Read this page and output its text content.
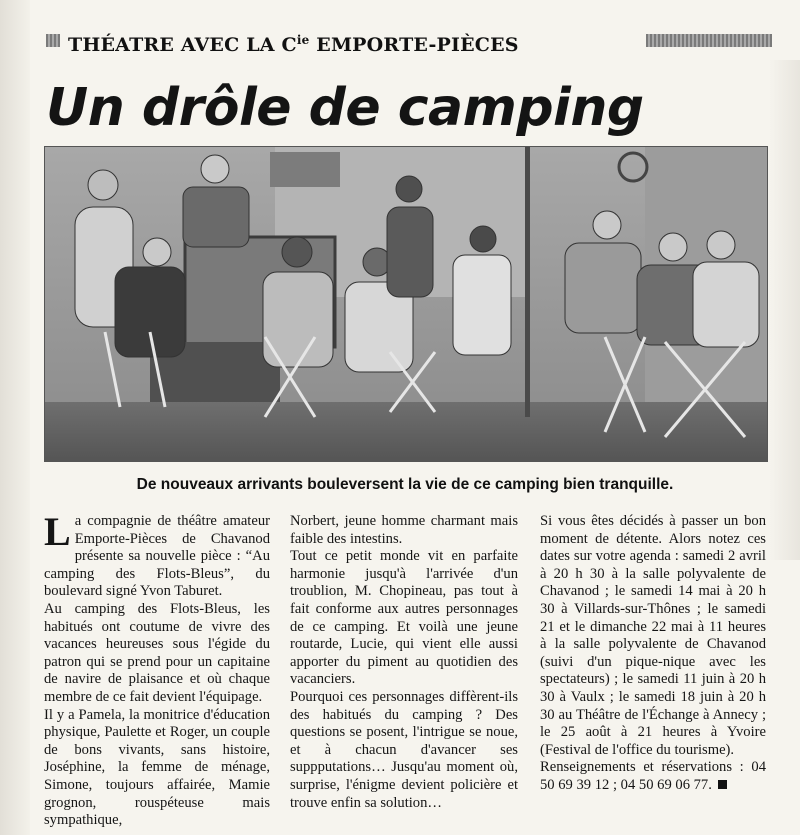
THÉATRE AVEC LA $C^{ie}$ EMPORTE-PIÈCES
Un drôle de camping
De nouveaux arrivants bouleversent la vie de ce camping bien tranquille.

La compagnie de théâtre amateur Emporte-Pièces de Chavanod présente sa nouvelle pièce : “Au camping des Flots-Bleus”, du boulevard signé Yvon Taburet.

Au camping des Flots-Bleus, les habitués ont coutume de vivre des vacances heureuses sous l'égide du patron qui se prend pour un capitaine de navire de plaisance et où chaque membre de ce fait devient l'équipage.

Il y a Pamela, la monitrice d'éducation physique, Paulette et Roger, un couple de bons vivants, sans histoire, Joséphine, la femme de ménage, Simone, toujours affairée, Mamie grognon, rouspéteuse mais sympathique,

Norbert, jeune homme charmant mais faible des intestins.

Tout ce petit monde vit en parfaite harmonie jusqu'à l'arrivée d'un troublion, M. Chopineau, pas tout à fait conforme aux autres personnages de ce camping. Et voilà une jeune routarde, Lucie, qui vient elle aussi apporter du piment au quotidien des vacanciers.

Pourquoi ces personnages diffèrent-ils des habitués du camping ? Des questions se posent, l'intrigue se noue, et à chacun d'avancer ses suppputations… Jusqu'au moment où, surprise, l'énigme devient policière et trouve enfin sa solution…

Si vous êtes décidés à passer un bon moment de détente. Alors notez ces dates sur votre agenda : samedi 2 avril à 20 h 30 à la salle polyvalente de Chavanod ; le samedi 14 mai à 20 h 30 à Villards-sur-Thônes ; le samedi 21 et le dimanche 22 mai à 11 heures à la salle polyvalente de Chavanod (suivi d'un pique-nique avec les spectateurs) ; le samedi 11 juin à 20 h 30 à Vaulx ; le samedi 18 juin à 20 h 30 au Théâtre de l'Échange à Annecy ; le 25 août à 21 heures à Yvoire (Festival de l'office du tourisme).

Renseignements et réservations : 04 50 69 39 12 ; 04 50 69 06 77.
